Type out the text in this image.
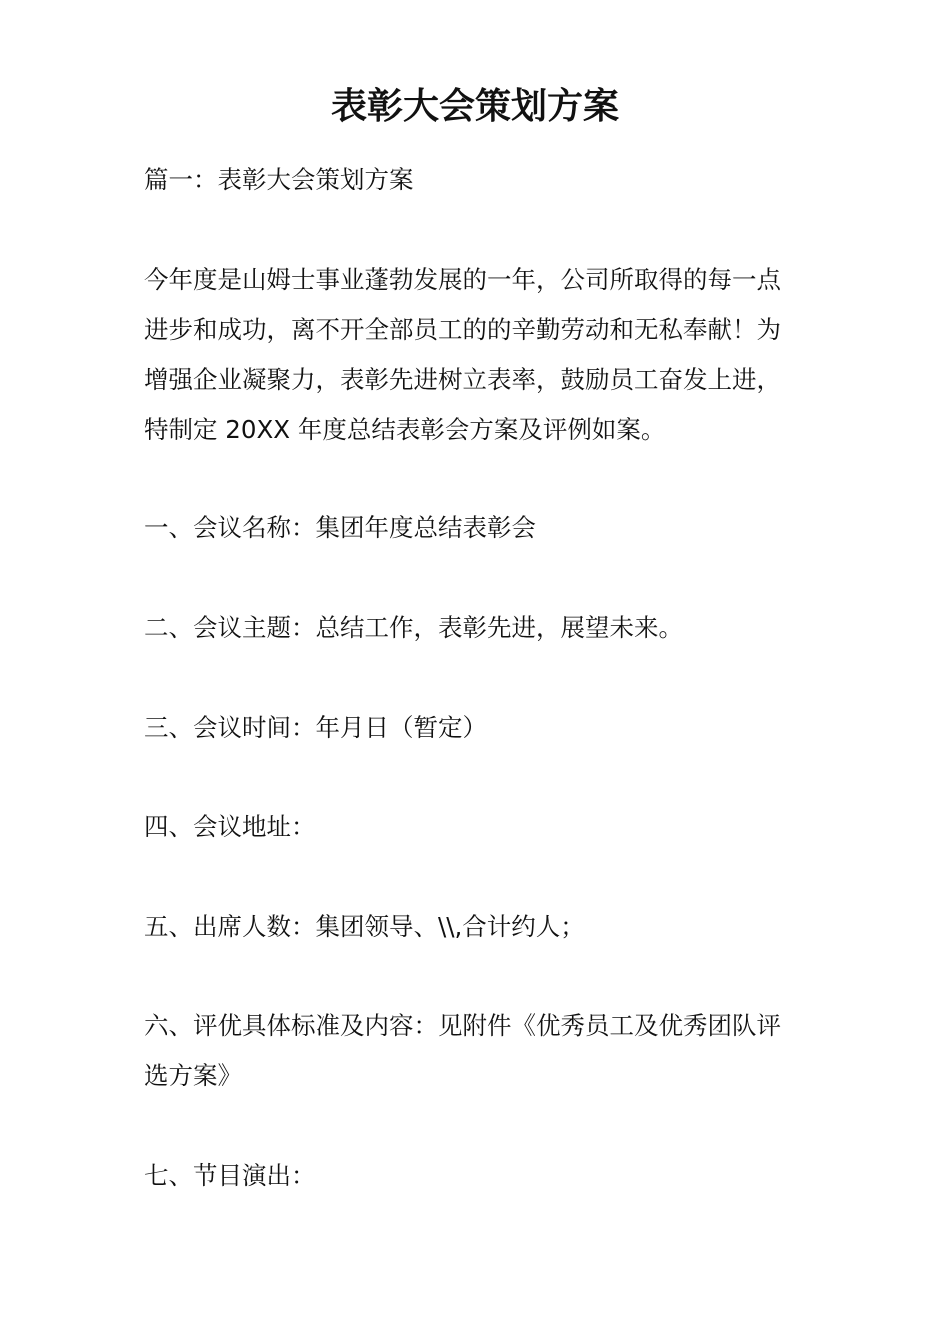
表彰大会策划方案

篇一：表彰大会策划方案

今年度是山姆士事业蓬勃发展的一年，公司所取得的每一点
进步和成功，离不开全部员工的的辛勤劳动和无私奉献！为
增强企业凝聚力，表彰先进树立表率，鼓励员工奋发上进，
特制定 20XX 年度总结表彰会方案及评例如案。

一、会议名称：集团年度总结表彰会

二、会议主题：总结工作，表彰先进，展望未来。

三、会议时间：年月日（暂定）

四、会议地址：

五、出席人数：集团领导、\\,合计约人；

六、评优具体标准及内容：见附件《优秀员工及优秀团队评
选方案》

七、节目演出：
